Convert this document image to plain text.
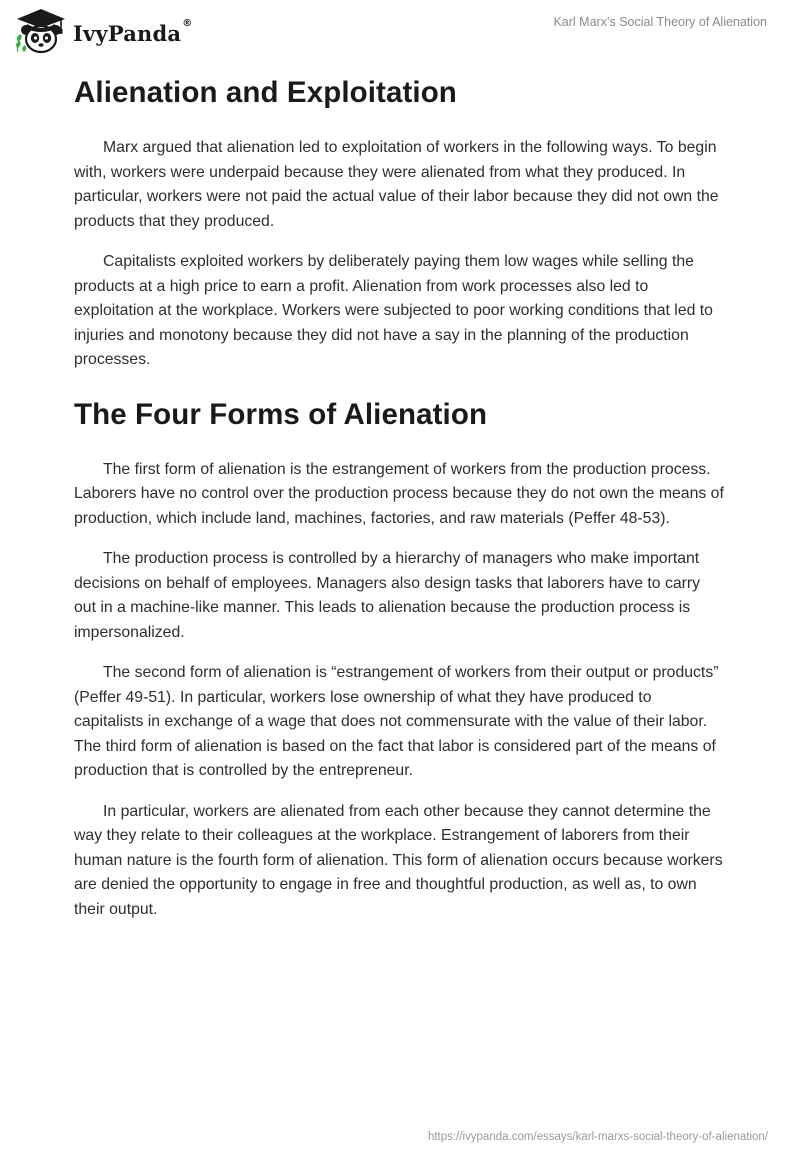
IvyPanda®	Karl Marx’s Social Theory of Alienation
Alienation and Exploitation

Marx argued that alienation led to exploitation of workers in the following ways. To begin with, workers were underpaid because they were alienated from what they produced. In particular, workers were not paid the actual value of their labor because they did not own the products that they produced.

Capitalists exploited workers by deliberately paying them low wages while selling the products at a high price to earn a profit. Alienation from work processes also led to exploitation at the workplace. Workers were subjected to poor working conditions that led to injuries and monotony because they did not have a say in the planning of the production processes.

The Four Forms of Alienation

The first form of alienation is the estrangement of workers from the production process. Laborers have no control over the production process because they do not own the means of production, which include land, machines, factories, and raw materials (Peffer 48-53).

The production process is controlled by a hierarchy of managers who make important decisions on behalf of employees. Managers also design tasks that laborers have to carry out in a machine-like manner. This leads to alienation because the production process is impersonalized.

The second form of alienation is “estrangement of workers from their output or products” (Peffer 49-51). In particular, workers lose ownership of what they have produced to capitalists in exchange of a wage that does not commensurate with the value of their labor. The third form of alienation is based on the fact that labor is considered part of the means of production that is controlled by the entrepreneur.

In particular, workers are alienated from each other because they cannot determine the way they relate to their colleagues at the workplace. Estrangement of laborers from their human nature is the fourth form of alienation. This form of alienation occurs because workers are denied the opportunity to engage in free and thoughtful production, as well as, to own their output.

https://ivypanda.com/essays/karl-marxs-social-theory-of-alienation/
